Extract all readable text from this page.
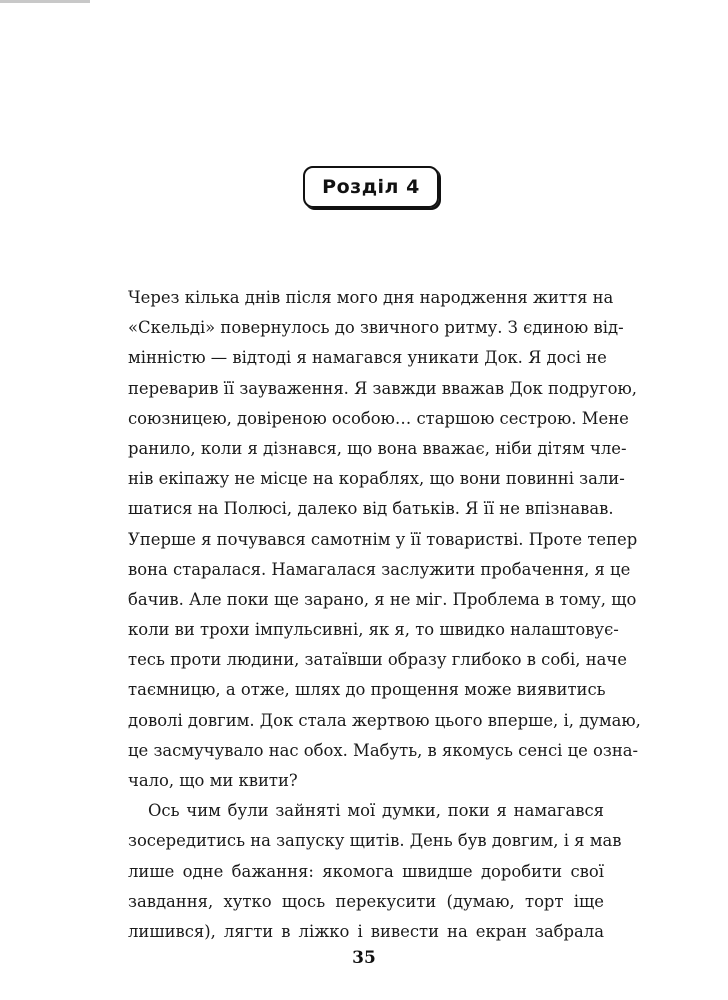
Розділ 4
Через кілька днів після мого дня народження життя на
«Скельді» повернулось до звичного ритму. З єдиною від-
мінністю — відтоді я намагався уникати Док. Я досі не
переварив її зауваження. Я завжди вважав Док подругою,
союзницею, довіреною особою… старшою сестрою. Мене
ранило, коли я дізнався, що вона вважає, ніби дітям чле-
нів екіпажу не місце на кораблях, що вони повинні зали-
шатися на Полюсі, далеко від батьків. Я її не впізнавав.
Уперше я почувався самотнім у її товаристві. Проте тепер
вона старалася. Намагалася заслужити пробачення, я це
бачив. Але поки ще зарано, я не міг. Проблема в тому, що
коли ви трохи імпульсивні, як я, то швидко налаштовує-
тесь проти людини, затаївши образу глибоко в собі, наче
таємницю, а отже, шлях до прощення може виявитись
доволі довгим. Док стала жертвою цього вперше, і, думаю,
це засмучувало нас обох. Мабуть, в якомусь сенсі це озна-
чало, що ми квити?
Ось чим були зайняті мої думки, поки я намагався
зосередитись на запуску щитів. День був довгим, і я мав
лише одне бажання: якомога швидше доробити свої
завдання, хутко щось перекусити (думаю, торт іще
лишився), лягти в ліжко і вивести на екран забрала
35
